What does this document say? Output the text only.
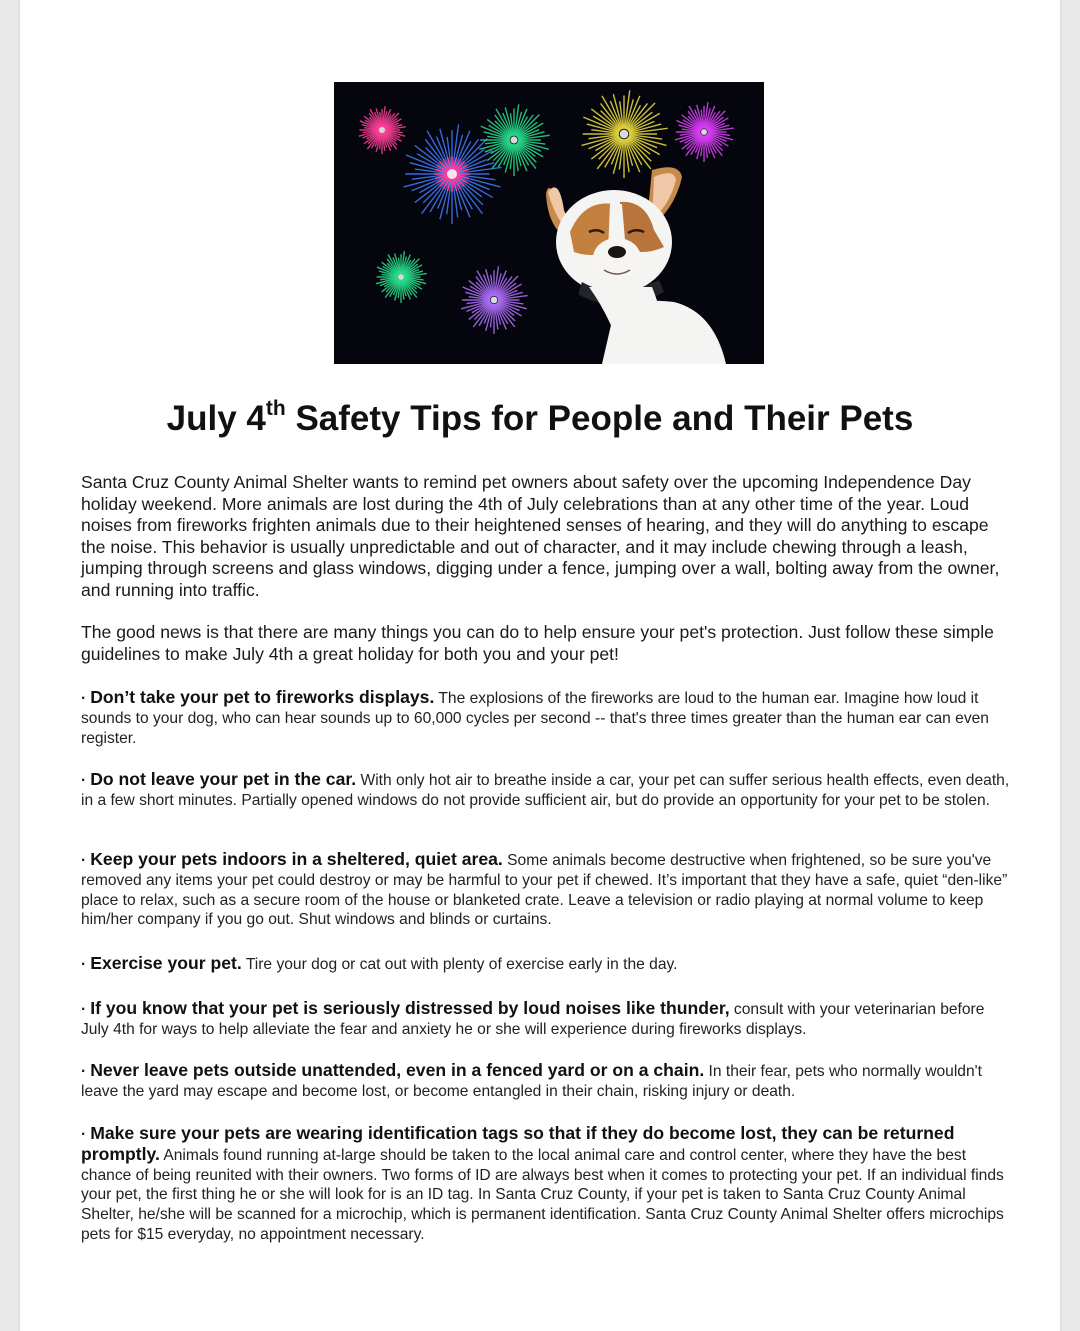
July 4th Safety Tips for People and Their Pets

Santa Cruz County Animal Shelter wants to remind pet owners about safety over the upcoming Independence Day holiday weekend. More animals are lost during the 4th of July celebrations than at any other time of the year. Loud noises from fireworks frighten animals due to their heightened senses of hearing, and they will do anything to escape the noise. This behavior is usually unpredictable and out of character, and it may include chewing through a leash, jumping through screens and glass windows, digging under a fence, jumping over a wall, bolting away from the owner, and running into traffic.

The good news is that there are many things you can do to help ensure your pet's protection. Just follow these simple guidelines to make July 4th a great holiday for both you and your pet!

· Don’t take your pet to fireworks displays. The explosions of the fireworks are loud to the human ear. Imagine how loud it sounds to your dog, who can hear sounds up to 60,000 cycles per second -- that's three times greater than the human ear can even register.

· Do not leave your pet in the car. With only hot air to breathe inside a car, your pet can suffer serious health effects, even death, in a few short minutes. Partially opened windows do not provide sufficient air, but do provide an opportunity for your pet to be stolen.

· Keep your pets indoors in a sheltered, quiet area. Some animals become destructive when frightened, so be sure you've removed any items your pet could destroy or may be harmful to your pet if chewed. It’s important that they have a safe, quiet “den-like” place to relax, such as a secure room of the house or blanketed crate. Leave a television or radio playing at normal volume to keep him/her company if you go out. Shut windows and blinds or curtains.

· Exercise your pet. Tire your dog or cat out with plenty of exercise early in the day.

· If you know that your pet is seriously distressed by loud noises like thunder, consult with your veterinarian before July 4th for ways to help alleviate the fear and anxiety he or she will experience during fireworks displays.

· Never leave pets outside unattended, even in a fenced yard or on a chain. In their fear, pets who normally wouldn't leave the yard may escape and become lost, or become entangled in their chain, risking injury or death.

· Make sure your pets are wearing identification tags so that if they do become lost, they can be returned promptly. Animals found running at-large should be taken to the local animal care and control center, where they have the best chance of being reunited with their owners. Two forms of ID are always best when it comes to protecting your pet. If an individual finds your pet, the first thing he or she will look for is an ID tag. In Santa Cruz County, if your pet is taken to Santa Cruz County Animal Shelter, he/she will be scanned for a microchip, which is permanent identification. Santa Cruz County Animal Shelter offers microchips pets for $15 everyday, no appointment necessary.
